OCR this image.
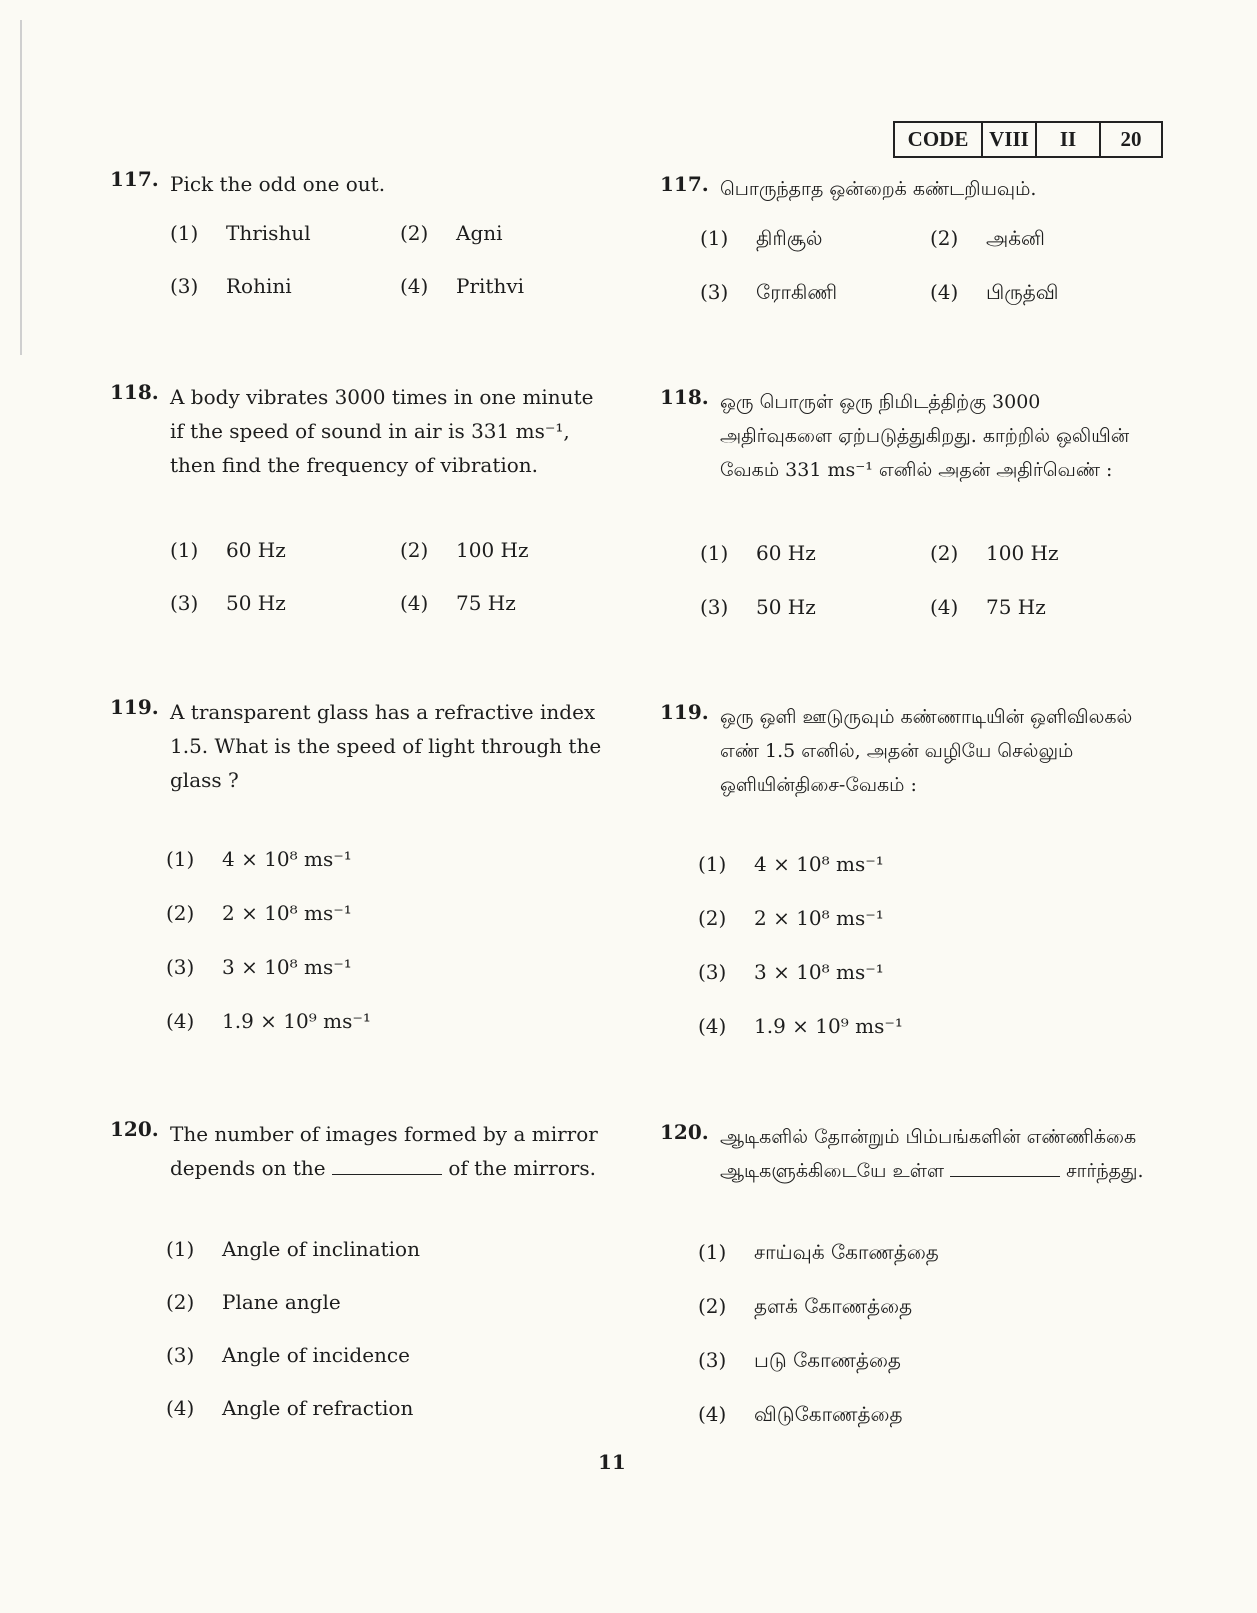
CODE VIII	II	20
117. Pick the odd one out.
(1) Thrishul	(2) Agni
(3) Rohini	(4) Prithvi
118. A body vibrates 3000 times in one minute if the speed of sound in air is 331 ms⁻¹, then find the frequency of vibration.
(1) 60 Hz	(2) 100 Hz
(3) 50 Hz	(4) 75 Hz
119. A transparent glass has a refractive index 1.5. What is the speed of light through the glass ?
(1) 4 × 10⁸ ms⁻¹
(2) 2 × 10⁸ ms⁻¹
(3) 3 × 10⁸ ms⁻¹
(4) 1.9 × 10⁹ ms⁻¹
120. The number of images formed by a mirror depends on the	of the mirrors.
(1) Angle of inclination
(2) Plane angle
(3) Angle of incidence
(4) Angle of refraction
117. பொருந்தாத ஒன்றைக் கண்டறியவும்.
(1) திரிசூல்	(2) அக்னி
(3) ரோகிணி	(4) பிருத்வி
118. ஒரு பொருள் ஒரு நிமிடத்திற்கு 3000 அதிர்வுகளை ஏற்படுத்துகிறது. காற்றில் ஒலியின் வேகம் 331 ms⁻¹ எனில் அதன் அதிர்வெண் :
(1) 60 Hz	(2) 100 Hz
(3) 50 Hz	(4) 75 Hz
119. ஒரு ஒளி ஊடுருவும் கண்ணாடியின் ஒளிவிலகல் எண் 1.5 எனில், அதன் வழியே செல்லும் ஒளியின்திசை-வேகம் :
(1) 4 × 10⁸ ms⁻¹
(2) 2 × 10⁸ ms⁻¹
(3) 3 × 10⁸ ms⁻¹
(4) 1.9 × 10⁹ ms⁻¹
120. ஆடிகளில் தோன்றும் பிம்பங்களின் எண்ணிக்கை ஆடிகளுக்கிடையே உள்ள	சார்ந்தது.
(1) சாய்வுக் கோணத்தை
(2) தளக் கோணத்தை
(3) படு கோணத்தை
(4) விடுகோணத்தை
11
